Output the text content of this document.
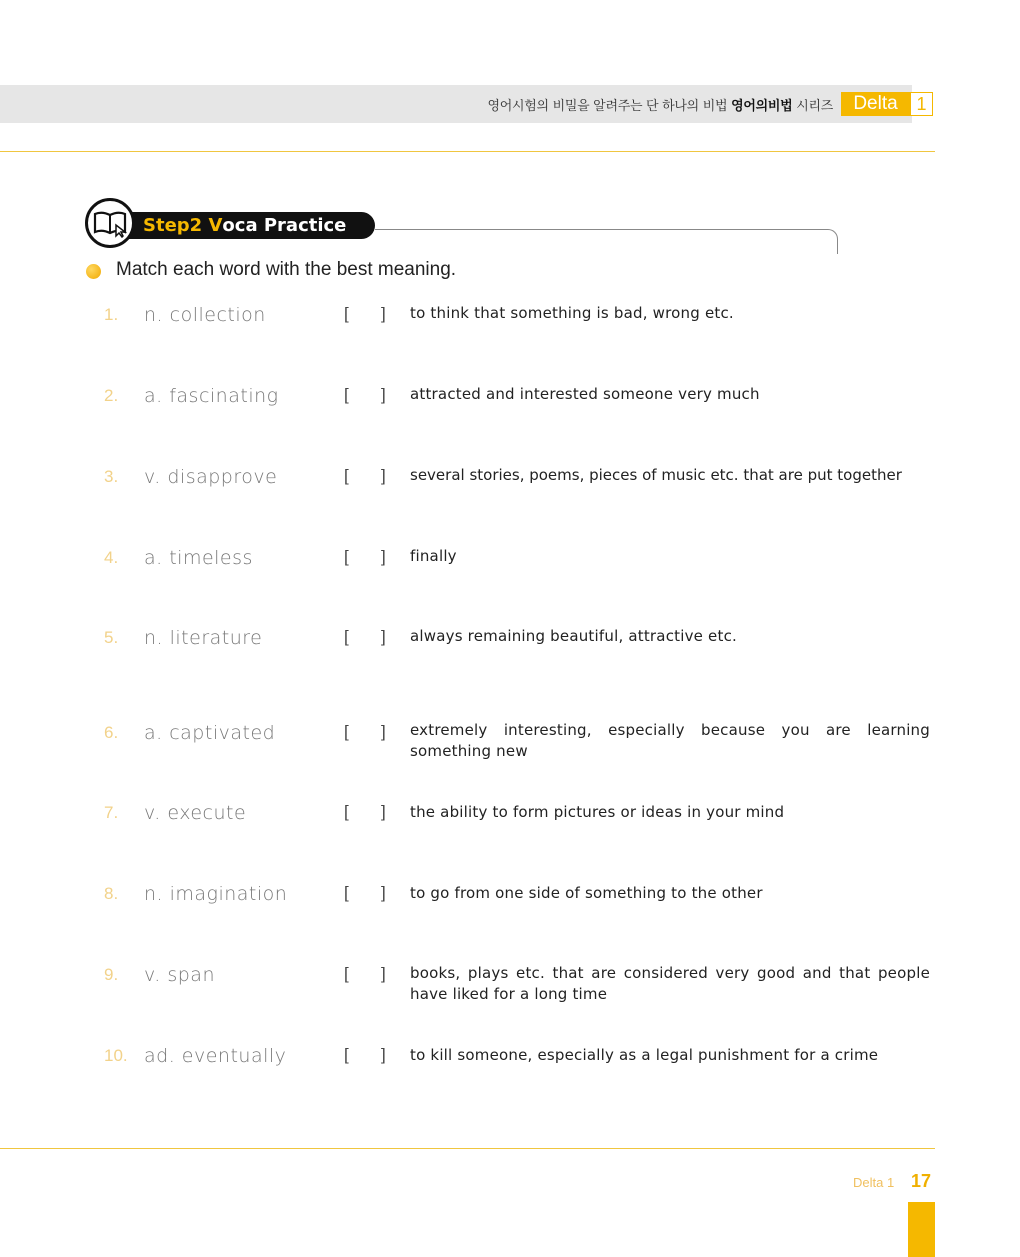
영어시험의 비밀을 알려주는 단 하나의 비법 영어의비법 시리즈	Delta	1
Step2
V oca Practice
Match each word with the best meaning.
1. n. collection	[ ] to think that something is bad, wrong etc.
2. a. fascinating	[ ] attracted and interested someone very much
3. v. disapprove	[ ] several stories, poems, pieces of music etc. that are put together
4. a. timeless	[ ] finally
5. n. literature	[ ] always remaining beautiful, attractive etc.
6. a. captivated	[ ] extremely interesting, especially because you are learning something new
7. v. execute	[ ] the ability to form pictures or ideas in your mind
8. n. imagination	[ ] to go from one side of something to the other
9. v. span	[ ] books, plays etc. that are considered very good and that people have liked for a long time
10. ad. eventually	[ ] to kill someone, especially as a legal punishment for a crime
Delta 1 17
